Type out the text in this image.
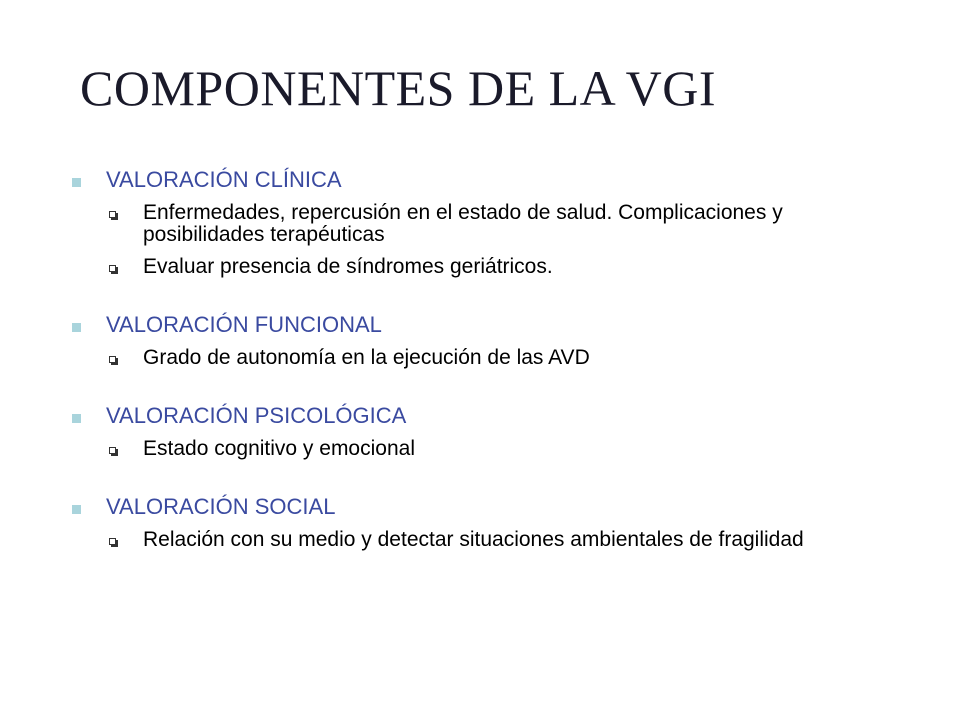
COMPONENTES DE LA VGI
VALORACIÓN CLÍNICA
Enfermedades, repercusión en el estado de salud. Complicaciones y posibilidades terapéuticas
Evaluar presencia de síndromes geriátricos.
VALORACIÓN FUNCIONAL
Grado de autonomía en la ejecución de las AVD
VALORACIÓN PSICOLÓGICA
Estado cognitivo y emocional
VALORACIÓN SOCIAL
Relación con su medio y detectar situaciones ambientales de fragilidad
